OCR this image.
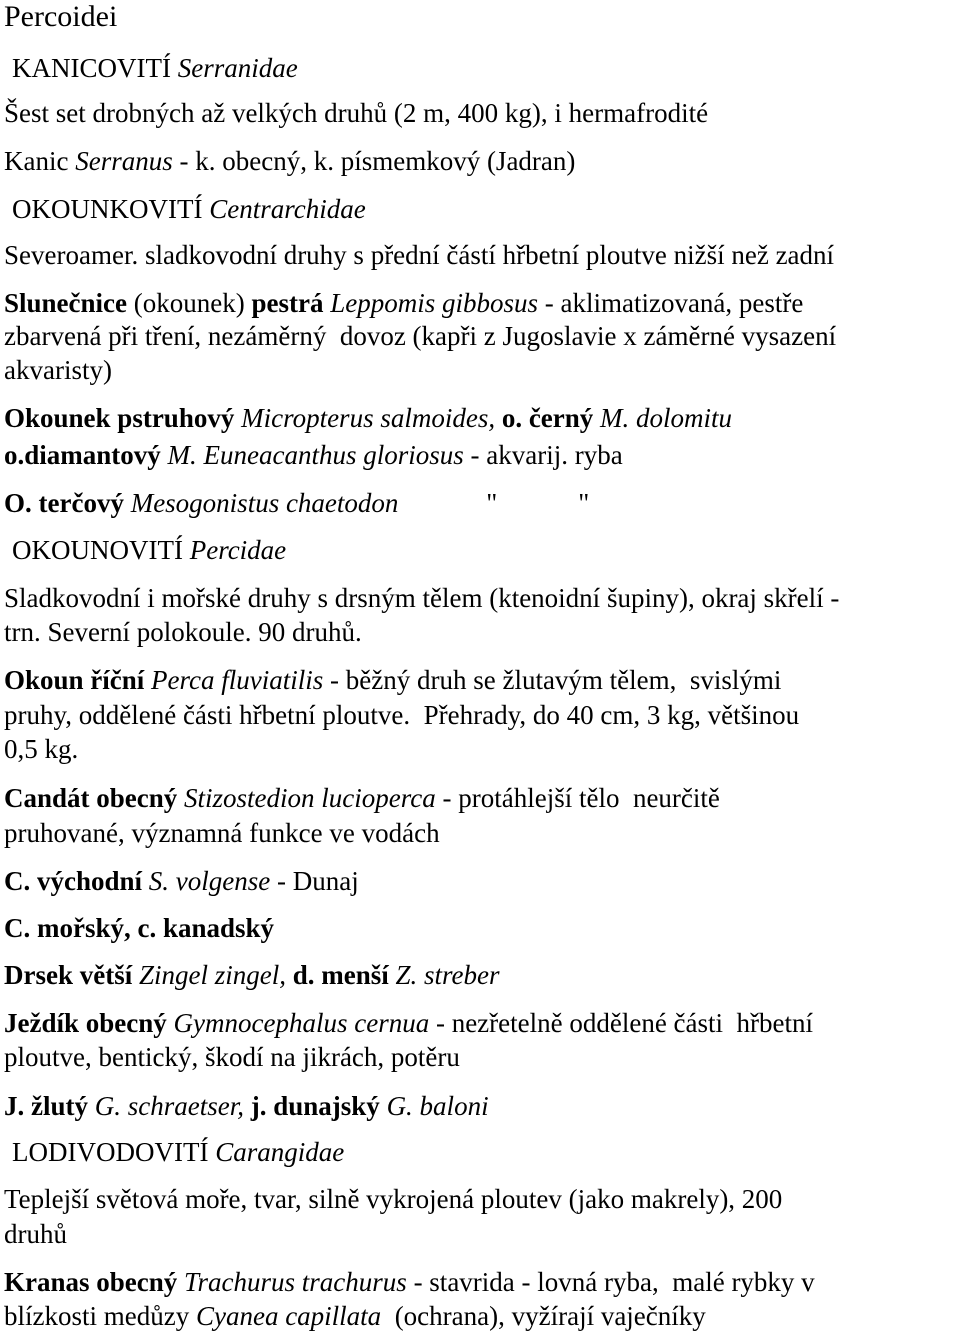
Percoidei
KANICOVITÍ Serranidae
Šest set drobných až velkých druhů (2 m, 400 kg), i hermafrodité
Kanic Serranus - k. obecný, k. písmemkový (Jadran)
OKOUNKOVITÍ Centrarchidae
Severoamer. sladkovodní druhy s přední částí hřbetní ploutve nižší než zadní
Slunečnice (okounek) pestrá Leppomis gibbosus - aklimatizovaná, pestře
zbarvená při tření, nezáměrný  dovoz (kapři z Jugoslavie x záměrné vysazení
akvaristy)
Okounek pstruhový Micropterus salmoides, o. černý M. dolomitu
o.diamantový M. Euneacanthus gloriosus - akvarij. ryba
O. terčový Mesogonistus chaetodon             "            "
OKOUNOVITÍ Percidae
Sladkovodní i mořské druhy s drsným tělem (ktenoidní šupiny), okraj skřelí -
trn. Severní polokoule. 90 druhů.
Okoun říční Perca fluviatilis - běžný druh se žlutavým tělem,  svislými
pruhy, oddělené části hřbetní ploutve.  Přehrady, do 40 cm, 3 kg, většinou
0,5 kg.
Candát obecný Stizostedion lucioperca - protáhlejší tělo  neurčitě
pruhované, významná funkce ve vodách
C. východní S. volgense - Dunaj
C. mořský, c. kanadský
Drsek větší Zingel zingel, d. menší Z. streber
Ježdík obecný Gymnocephalus cernua - nezřetelně oddělené části  hřbetní
ploutve, bentický, škodí na jikrách, potěru
J. žlutý G. schraetser, j. dunajský G. baloni
LODIVODOVITÍ Carangidae
Teplejší světová moře, tvar, silně vykrojená ploutev (jako makrely), 200
druhů
Kranas obecný Trachurus trachurus - stavrida - lovná ryba,  malé rybky v
blízkosti medůzy Cyanea capillata  (ochrana), vyžírají vaječníky
